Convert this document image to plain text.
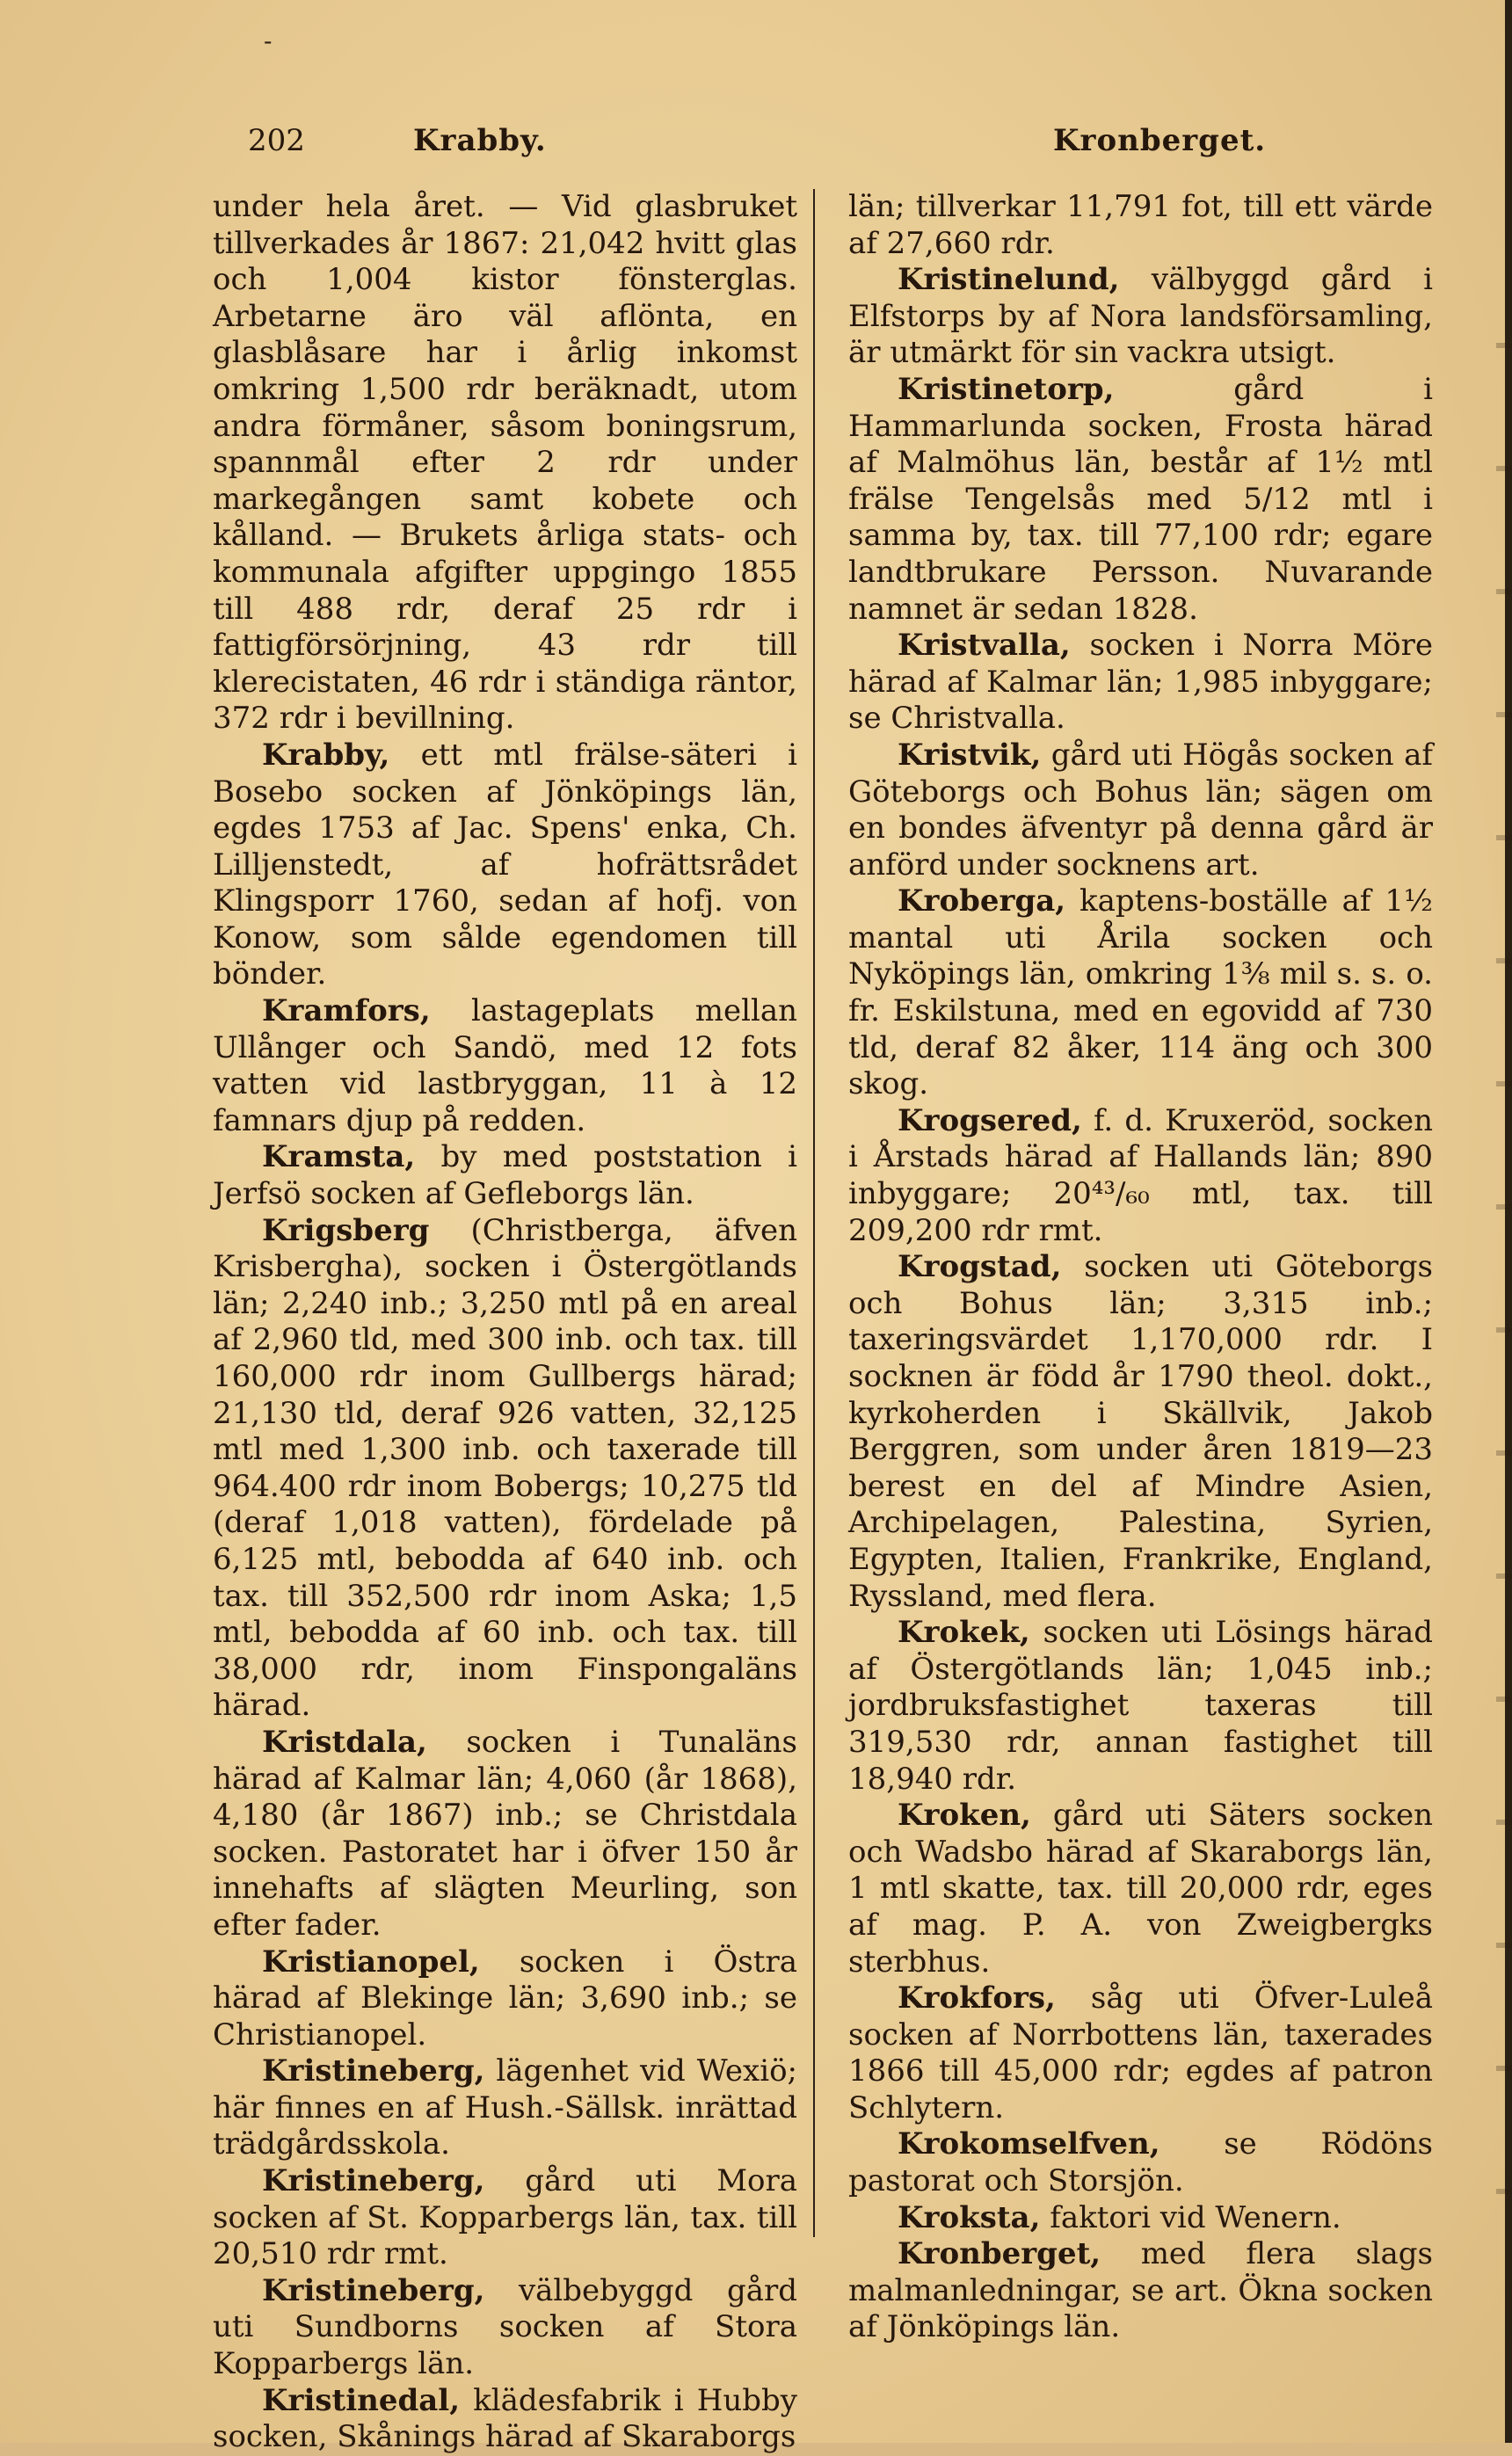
-
202	Krabby.	Kronberget.

under hela året. — Vid glasbruket tillverkades år 1867: 21,042 hvitt glas och 1,004 kistor fönsterglas. Arbetarne äro väl aflönta, en glasblåsare har i årlig inkomst omkring 1,500 rdr beräknadt, utom andra förmåner, såsom boningsrum, spannmål efter 2 rdr under markegången samt kobete och kålland. — Brukets årliga stats- och kommunala afgifter uppgingo 1855 till 488 rdr, deraf 25 rdr i fattigförsörjning, 43 rdr till klerecistaten, 46 rdr i ständiga räntor, 372 rdr i bevillning.

Krabby, ett mtl frälse-säteri i Bosebo socken af Jönköpings län, egdes 1753 af Jac. Spens' enka, Ch. Lilljenstedt, af hofrättsrådet Klingsporr 1760, sedan af hofj. von Konow, som sålde egendomen till bönder.

Kramfors, lastageplats mellan Ullånger och Sandö, med 12 fots vatten vid lastbryggan, 11 à 12 famnars djup på redden.

Kramsta, by med poststation i Jerfsö socken af Gefleborgs län.

Krigsberg (Christberga, äfven Krisbergha), socken i Östergötlands län; 2,240 inb.; 3,250 mtl på en areal af 2,960 tld, med 300 inb. och tax. till 160,000 rdr inom Gullbergs härad; 21,130 tld, deraf 926 vatten, 32,125 mtl med 1,300 inb. och taxerade till 964.400 rdr inom Bobergs; 10,275 tld (deraf 1,018 vatten), fördelade på 6,125 mtl, bebodda af 640 inb. och tax. till 352,500 rdr inom Aska; 1,5 mtl, bebodda af 60 inb. och tax. till 38,000 rdr, inom Finspongaläns härad.

Kristdala, socken i Tunaläns härad af Kalmar län; 4,060 (år 1868), 4,180 (år 1867) inb.; se Christdala socken. Pastoratet har i öfver 150 år innehafts af slägten Meurling, son efter fader.

Kristianopel, socken i Östra härad af Blekinge län; 3,690 inb.; se Christianopel.

Kristineberg, lägenhet vid Wexiö; här finnes en af Hush.-Sällsk. inrättad trädgårdsskola.

Kristineberg, gård uti Mora socken af St. Kopparbergs län, tax. till 20,510 rdr rmt.

Kristineberg, välbebyggd gård uti Sundborns socken af Stora Kopparbergs län.

Kristinedal, klädesfabrik i Hubby socken, Skånings härad af Skaraborgs

län; tillverkar 11,791 fot, till ett värde af 27,660 rdr.

Kristinelund, välbyggd gård i Elfstorps by af Nora landsförsamling, är utmärkt för sin vackra utsigt.

Kristinetorp,	gård i Hammarlunda socken, Frosta härad af Malmöhus län, består af 1½ mtl frälse Tengelsås med 5/12 mtl i samma by, tax. till 77,100 rdr; egare landtbrukare Persson. Nuvarande namnet är sedan 1828.

Kristvalla, socken i Norra Möre härad af Kalmar län; 1,985 inbyggare; se Christvalla.

Kristvik, gård uti Högås socken af Göteborgs och Bohus län; sägen om en bondes äfventyr på denna gård är anförd under socknens art.

Kroberga, kaptens-boställe af 1½ mantal uti Årila socken och Nyköpings län, omkring 1⅜ mil s. s. o. fr. Eskilstuna, med en egovidd af 730 tld, deraf 82 åker, 114 äng och 300 skog.

Krogsered, f. d. Kruxeröd, socken i Årstads härad af Hallands län; 890 inbyggare; 20⁴³/₆₀ mtl, tax. till 209,200 rdr rmt.

Krogstad, socken uti Göteborgs och Bohus län; 3,315 inb.; taxeringsvärdet 1,170,000 rdr. I socknen är född år 1790 theol. dokt., kyrkoherden i Skällvik, Jakob Berggren, som under åren 1819—23 berest en del af Mindre Asien, Archipelagen, Palestina, Syrien, Egypten, Italien, Frankrike, England, Ryssland, med flera.

Krokek, socken uti Lösings härad af Östergötlands län; 1,045 inb.; jordbruksfastighet taxeras till 319,530 rdr, annan fastighet till 18,940 rdr.

Kroken, gård uti Säters socken och Wadsbo härad af Skaraborgs län, 1 mtl skatte, tax. till 20,000 rdr, eges af mag. P. A. von Zweigbergks sterbhus.

Krokfors, såg uti Öfver-Luleå socken af Norrbottens län, taxerades 1866 till 45,000 rdr; egdes af patron Schlytern.

Krokomselfven, se Rödöns pastorat och Storsjön.

Kroksta, faktori vid Wenern.

Kronberget, med flera slags malmanledningar, se art. Ökna socken af Jönköpings län.
